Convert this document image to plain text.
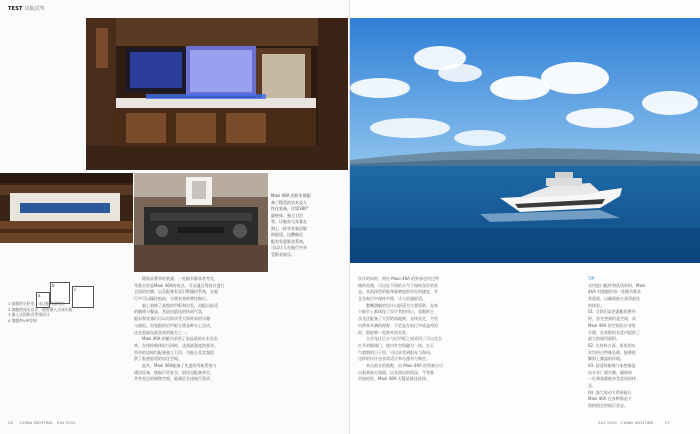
TEST 试航试驾
Maxi 46A 的卧室都配
备了精美的实木及人
性化装备，比如180°
旋转床、独立卫浴
等，让船东与宾客在
海上一样享有家居般
的舒适。这艘船还
配有先进影音系统，
可以让人在航行中享
受影音娱乐。
a
b
c
1 前舱的主卧室，床边配有储物柜
2 客舱的床头设计，使用嵌入式床头板
3 嵌入式的影音系统设计
4 客舱的VIP房间
精致而奢华的装潢，一处细节都非常考究，
驾驶台更是Maxi 46A的亮点。可以通过驾驶台进行
全面的控制，以及配备有双引擎操控系统，在船
行中可以操控航向，方便有效的掌控航行。
船上装修了高级的甲板和沙发，再配以舒适
的躺椅与餐桌，营造出最佳的休闲气氛，
船东和宾客们可以尽情享受大海带来的乐趣
与放松。而宽敞的后甲板方便各种水上活动，
这也是船东最喜欢的地方之一。
Maxi 46A 的舱内采用了高品质的实木及皮
革，在保持船体轻巧同时，达到高强度的要求。
所有的房间均配备独立卫浴，为船主及宾客提
供了私密舒适的居住空间。
此外，Maxi 46A配备了先进的导航系统与
通讯设备，使航行更安全。厨房也配备齐全，
并有充足的储物空间，能满足长途航行需求。
26 CHINA YACHTING JULY 2010
设计的同时，两台 Maxi 46A 的外部也经过特
殊的处理，可以在不同的天气下保持良好的状
态。其流线型的船身能够提供更好的速度，并
且在航行中保持平稳，让人倍感舒适。
整艘游艇的设计以舒适为主要原则，在每
个细节上都体现了设计者的用心。宽敞的主
沙龙区配备了大型的落地窗，光线充足，为室
内带来开阔的视野，不论是在航行中或是停泊
时，都能够一览窗外的美景。
主沙龙区后方与后甲板之间采用了可以完全
打开的玻璃门，使内外空间融为一体，在天
气晴朗的日子里，可以享受到阳光与海风，
这样的设计也非常适合举办派对与聚会。
来自前方的视野，由 Maxi 46A 的驾驶台可
以看到前方海面，以及周边的情况，令驾驶
更加轻松，Maxi 46A 无疑是最佳选择。
TIP:
采用进口配件和优质材料，Maxi
46A 对游艇的每一处细节都非
常重视，以确保船主获得最佳
的体验。
01. 当我们谈论游艇的奢华
时，首先想到的是空间，而
Maxi 46A 的空间设计非常
合理，在有限的长度内提供了
最大的使用面积。
02. 在材料方面，所用的实
木均经过特殊处理，能够抵
御海上潮湿的环境。
03. 舒适的座椅与床垫都是
由专业厂商定制，确保每
一位乘客都能享受优质的休
息。
04. 强大的动力系统能让
Maxi 46A 在各种海况下
保持稳定的航行状态。
JULY 2010 CHINA YACHTING	27
